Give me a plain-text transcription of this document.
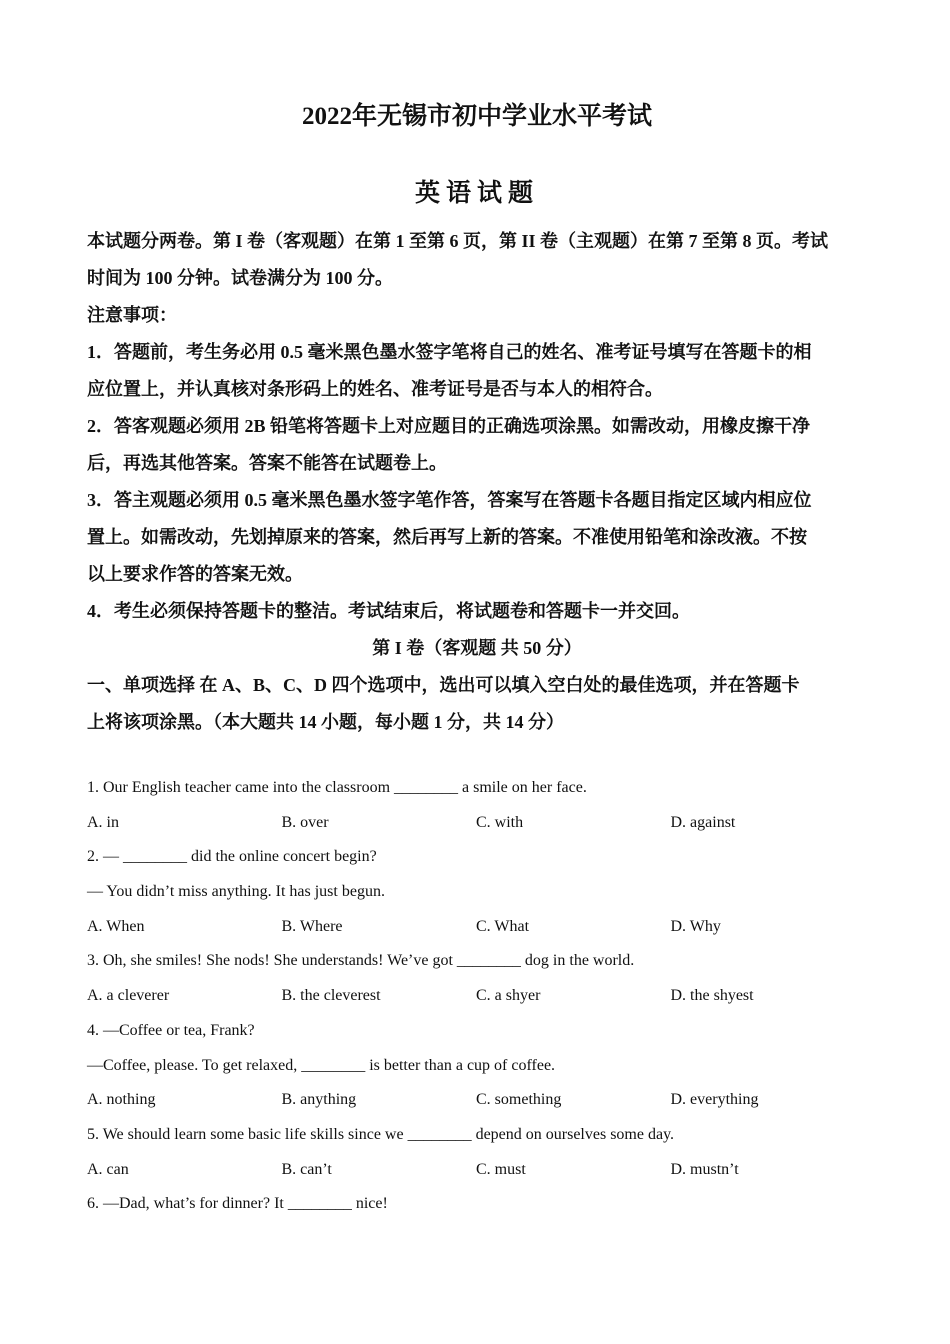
2022年无锡市初中学业水平考试
英语试题

本试题分两卷。第 I 卷（客观题）在第 1 至第 6 页，第 II 卷（主观题）在第 7 至第 8 页。考试

时间为 100 分钟。试卷满分为 100 分。

注意事项：

1．答题前，考生务必用 0.5 毫米黑色墨水签字笔将自己的姓名、准考证号填写在答题卡的相

应位置上，并认真核对条形码上的姓名、准考证号是否与本人的相符合。

2．答客观题必须用 2B 铅笔将答题卡上对应题目的正确选项涂黑。如需改动，用橡皮擦干净

后，再选其他答案。答案不能答在试题卷上。

3．答主观题必须用 0.5 毫米黑色墨水签字笔作答，答案写在答题卡各题目指定区域内相应位

置上。如需改动，先划掉原来的答案，然后再写上新的答案。不准使用铅笔和涂改液。不按

以上要求作答的答案无效。

4．考生必须保持答题卡的整洁。考试结束后，将试题卷和答题卡一并交回。

第 I 卷（客观题 共 50 分）

一、单项选择 在 A、B、C、D 四个选项中，选出可以填入空白处的最佳选项，并在答题卡

上将该项涂黑。（本大题共 14 小题，每小题 1 分，共 14 分）

1. Our English teacher came into the classroom ________ a smile on her face.

A. in	B. over	C. with	D. against

2. — ________ did the online concert begin?

— You didn’t miss anything. It has just begun.

A. When	B. Where	C. What	D. Why

3. Oh, she smiles! She nods! She understands! We’ve got ________ dog in the world.

A. a cleverer	B. the cleverest	C. a shyer	D. the shyest

4. —Coffee or tea, Frank?

—Coffee, please. To get relaxed, ________ is better than a cup of coffee.

A. nothing	B. anything	C. something	D. everything

5. We should learn some basic life skills since we ________ depend on ourselves some day.

A. can	B. can’t	C. must	D. mustn’t

6. —Dad, what’s for dinner? It ________ nice!
